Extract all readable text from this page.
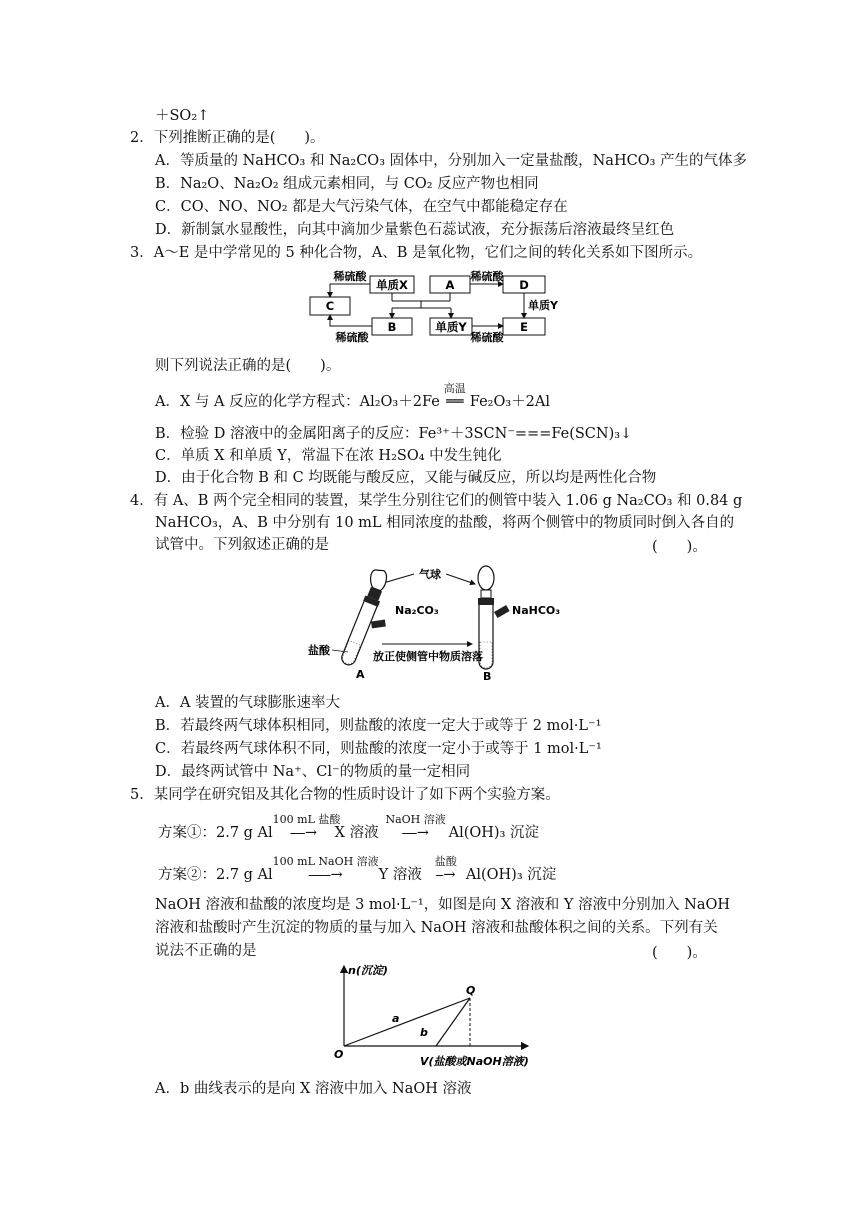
＋SO₂↑
2．下列推断正确的是(　　)。
A．等质量的 NaHCO₃ 和 Na₂CO₃ 固体中，分别加入一定量盐酸，NaHCO₃ 产生的气体多
B．Na₂O、Na₂O₂ 组成元素相同，与 CO₂ 反应产物也相同
C．CO、NO、NO₂ 都是大气污染气体，在空气中都能稳定存在
D．新制氯水显酸性，向其中滴加少量紫色石蕊试液，充分振荡后溶液最终呈红色
3．A～E 是中学常见的 5 种化合物，A、B 是氧化物，它们之间的转化关系如下图所示。
单质X	A	D
C
B	单质Y	E
稀硫酸	稀硫酸
单质Y
稀硫酸	稀硫酸
则下列说法正确的是(　　)。
A．X 与 A 反应的化学方程式：Al₂O₃＋2Fe
高温
══ Fe₂O₃＋2Al
B．检验 D 溶液中的金属阳离子的反应：Fe³⁺＋3SCN⁻===Fe(SCN)₃↓
C．单质 X 和单质 Y，常温下在浓 H₂SO₄ 中发生钝化
D．由于化合物 B 和 C 均既能与酸反应，又能与碱反应，所以均是两性化合物
4．有 A、B 两个完全相同的装置，某学生分别往它们的侧管中装入 1.06 g Na₂CO₃ 和 0.84 g
NaHCO₃，A、B 中分别有 10 mL 相同浓度的盐酸，将两个侧管中的物质同时倒入各自的
试管中。下列叙述正确的是	(　　)。
气球
Na₂CO₃
盐酸
A
NaHCO₃
B
放正使侧管中物质溶落
A．A 装置的气球膨胀速率大
B．若最终两气球体积相同，则盐酸的浓度一定大于或等于 2 mol·L⁻¹
C．若最终两气球体积不同，则盐酸的浓度一定小于或等于 1 mol·L⁻¹
D．最终两试管中 Na⁺、Cl⁻的物质的量一定相同
5．某同学在研究铝及其化合物的性质时设计了如下两个实验方案。
方案①：2.7 g Al
100 mL 盐酸
⎯⎯→ X 溶液
NaOH 溶液
⎯⎯→ Al(OH)₃ 沉淀
方案②：2.7 g Al
100 mL NaOH 溶液
⎯⎯⎯→ Y 溶液
盐酸
⎯→ Al(OH)₃ 沉淀
NaOH 溶液和盐酸的浓度均是 3 mol·L⁻¹，如图是向 X 溶液和 Y 溶液中分别加入 NaOH
溶液和盐酸时产生沉淀的物质的量与加入 NaOH 溶液和盐酸体积之间的关系。下列有关
说法不正确的是	(　　)。
n(沉淀)
O
V(盐酸或NaOH溶液)
Q
a
b
A．b 曲线表示的是向 X 溶液中加入 NaOH 溶液
